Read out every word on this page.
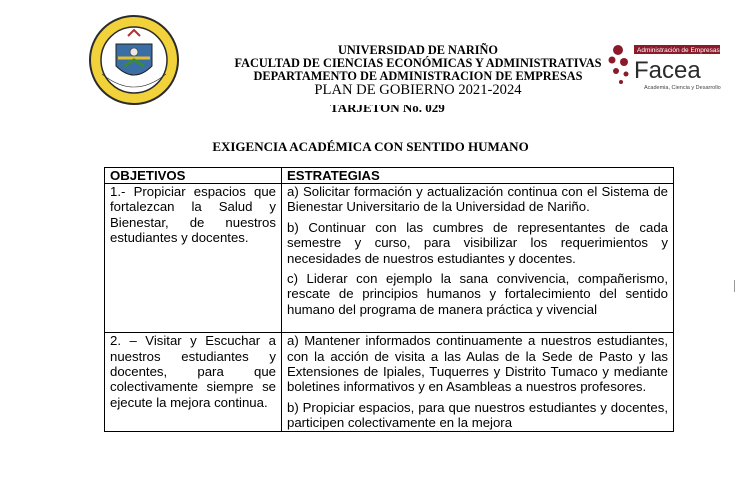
UNIVERSIDAD DE NARIÑO
FACULTAD DE CIENCIAS ECONÓMICAS Y ADMINISTRATIVAS
DEPARTAMENTO DE ADMINISTRACION DE EMPRESAS
PLAN DE GOBIERNO 2021-2024
TARJETON No. 029
Administración de Empresas
Facea
Academia, Ciencia y Desarrollo
EXIGENCIA ACADÉMICA CON SENTIDO HUMANO
OBJETIVOS	ESTRATEGIAS

1.- Propiciar espacios que fortalezcan la Salud y Bienestar, de nuestros estudiantes y docentes.	a) Solicitar formación y actualización continua con el Sistema de Bienestar Universitario de la Universidad de Nariño.
b) Continuar con las cumbres de representantes de cada semestre y curso, para visibilizar los requerimientos y necesidades de nuestros estudiantes y docentes.
c) Liderar con ejemplo la sana convivencia, compañerismo, rescate de principios humanos y fortalecimiento del sentido humano del programa de manera práctica y vivencial

2. – Visitar y Escuchar a nuestros estudiantes y docentes, para que colectivamente siempre se ejecute la mejora continua.	a) Mantener informados continuamente a nuestros estudiantes, con la acción de visita a las Aulas de la Sede de Pasto y las Extensiones de Ipiales, Tuquerres y Distrito Tumaco y mediante boletines informativos y en Asambleas a nuestros profesores.
b) Propiciar espacios, para que nuestros estudiantes y docentes, participen colectivamente en la mejora
